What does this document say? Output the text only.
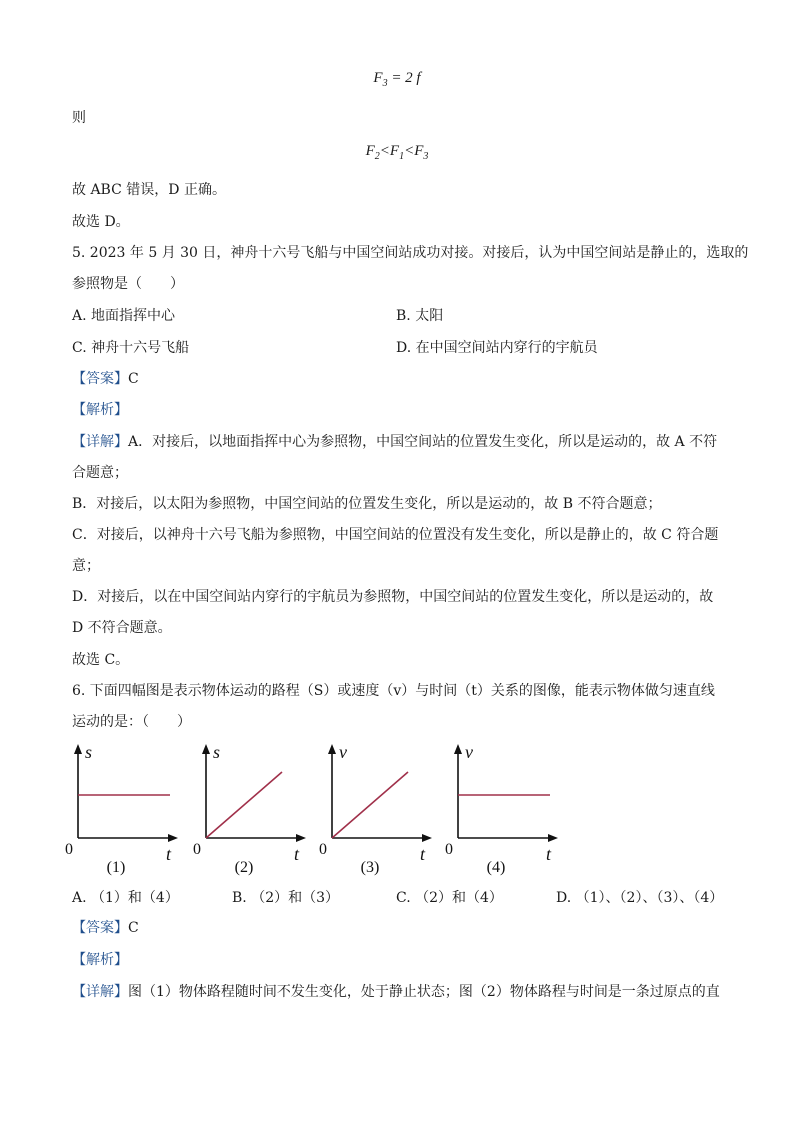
$F_3 = 2$ f
则
$F_2<F_1<F_3$
故 ABC 错误，D 正确。
故选 D。
5. 2023 年 5 月 30 日，神舟十六号飞船与中国空间站成功对接。对接后，认为中国空间站是静止的，选取的
参照物是（　　）
A. 地面指挥中心	B. 太阳
C. 神舟十六号飞船	D. 在中国空间站内穿行的宇航员
【答案】C
【解析】
【详解】A．对接后，以地面指挥中心为参照物，中国空间站的位置发生变化，所以是运动的，故 A 不符
合题意；
B．对接后，以太阳为参照物，中国空间站的位置发生变化，所以是运动的，故 B 不符合题意；
C．对接后，以神舟十六号飞船为参照物，中国空间站的位置没有发生变化，所以是静止的，故 C 符合题
意；
D．对接后，以在中国空间站内穿行的宇航员为参照物，中国空间站的位置发生变化，所以是运动的，故
D 不符合题意。
故选 C。
6. 下面四幅图是表示物体运动的路程（S）或速度（v）与时间（t）关系的图像，能表示物体做匀速直线
运动的是：（　　）
s
t
0
(1)
s
t
0
(2)
v
t
0
(3)
v
t
0
(4)
A. （1）和（4）	B. （2）和（3）	C. （2）和（4）	D. （1）、（2）、（3）、（4）
【答案】C
【解析】
【详解】图（1）物体路程随时间不发生变化，处于静止状态；图（2）物体路程与时间是一条过原点的直
